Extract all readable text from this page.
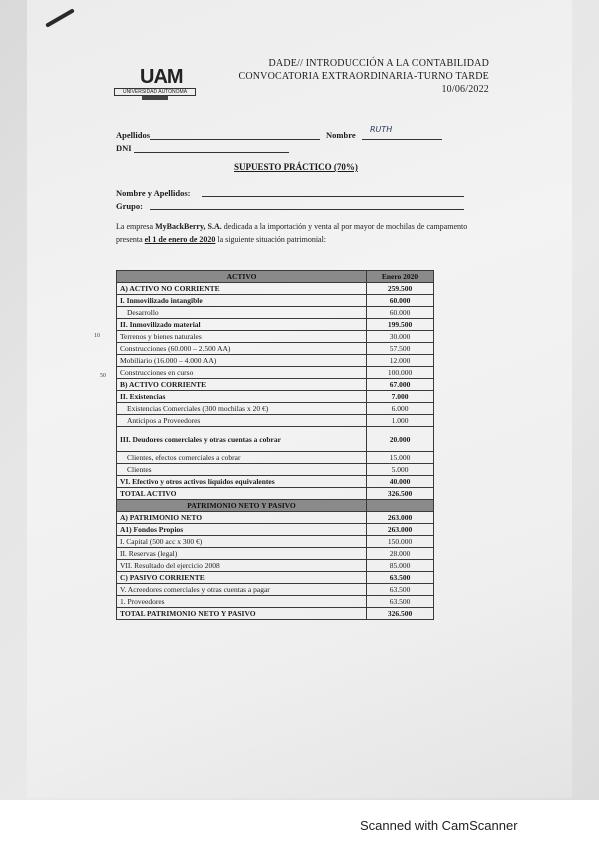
UAM
UNIVERSIDAD AUTONOMA
DADE// INTRODUCCIÓN A LA CONTABILIDAD
CONVOCATORIA EXTRAORDINARIA-TURNO TARDE
10/06/2022
Apellidos	Nombre
RUTH
DNI
SUPUESTO PRÁCTICO (70%)
Nombre y Apellidos:
Grupo:
La empresa MyBackBerry, S.A. dedicada a la importación y venta al por mayor de mochilas de campamento presenta el 1 de enero de 2020 la siguiente situación patrimonial:
10
50
ACTIVO	Enero 2020
A) ACTIVO NO CORRIENTE	259.500
I. Inmovilizado intangible	60.000
Desarrollo	60.000
II. Inmovilizado material	199.500
Terrenos y bienes naturales	30.000
Construcciones (60.000 – 2.500 AA)	57.500
Mobiliario (16.000 – 4.000 AA)	12.000
Construcciones en curso	100.000
B) ACTIVO CORRIENTE	67.000
II. Existencias	7.000
Existencias Comerciales (300 mochilas x 20 €)	6.000
Anticipos a Proveedores	1.000
III. Deudores comerciales y otras cuentas a cobrar	20.000
Clientes, efectos comerciales a cobrar	15.000
Clientes	5.000
VI. Efectivo y otros activos líquidos equivalentes	40.000
TOTAL ACTIVO	326.500
PATRIMONIO NETO Y PASIVO	
A) PATRIMONIO NETO	263.000
A1) Fondos Propios	263.000
I. Capital (500 acc x 300 €)	150.000
II. Reservas (legal)	28.000
VII. Resultado del ejercicio 2008	85.000
C) PASIVO CORRIENTE	63.500
V. Acreedores comerciales y otras cuentas a pagar	63.500
1. Proveedores	63.500
TOTAL PATRIMONIO NETO Y PASIVO	326.500
Scanned with CamScanner
